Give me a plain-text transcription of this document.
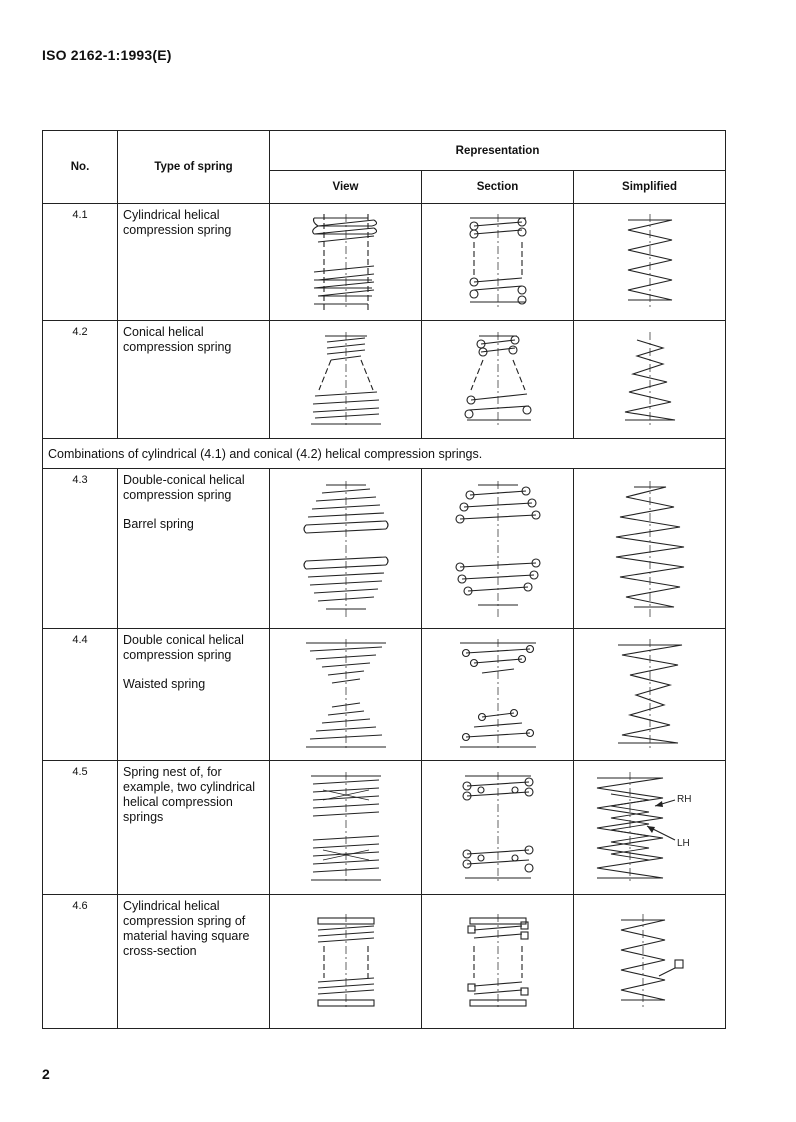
ISO 2162-1:1993(E)
No.	Type of spring	Representation		
		View	Section	Simplified
4.1	Cylindrical helical compression spring	

4.2	Conical helical compression spring	

Combinations of cylindrical (4.1) and conical (4.2) helical compression springs.				
4.3	Double-conical helical compression spring
Barrel spring

4.4	Double conical helical compression spring
Waisted spring

4.5	Spring nest of, for example, two cylindrical helical compression springs			RH
LH

4.6	Cylindrical helical compression spring of material having square cross-section	

2
